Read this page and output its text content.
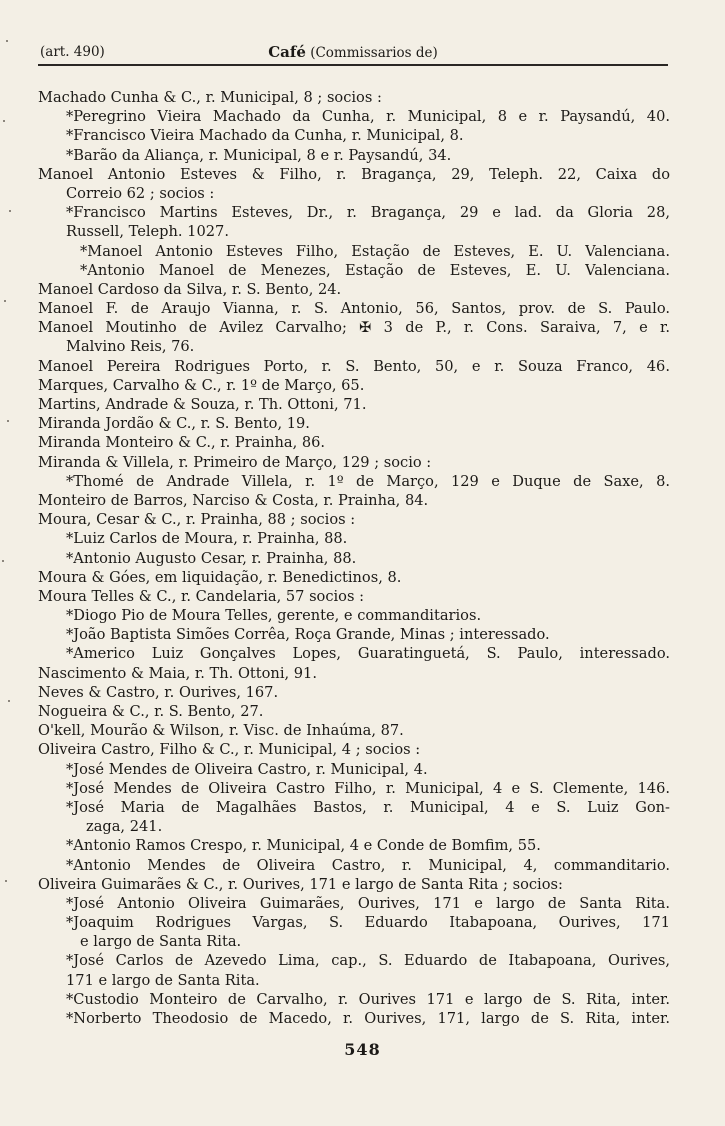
(art. 490)	Café (Commissarios de)
Machado Cunha & C., r. Municipal, 8 ; socios :
*Peregrino Vieira Machado da Cunha, r. Municipal, 8 e r. Paysandú, 40.
*Francisco Vieira Machado da Cunha, r. Municipal, 8.
*Barão da Aliança, r. Municipal, 8 e r. Paysandú, 34.
Manoel Antonio Esteves & Filho, r. Bragança, 29, Teleph. 22, Caixa do
Correio 62 ; socios :
*Francisco Martins Esteves, Dr., r. Bragança, 29 e lad. da Gloria 28,
Russell, Teleph. 1027.
*Manoel Antonio Esteves Filho, Estação de Esteves, E. U. Valenciana.
*Antonio Manoel de Menezes, Estação de Esteves, E. U. Valenciana.
Manoel Cardoso da Silva, r. S. Bento, 24.
Manoel F. de Araujo Vianna, r. S. Antonio, 56, Santos, prov. de S. Paulo.
Manoel Moutinho de Avilez Carvalho; ✠ 3 de P., r. Cons. Saraiva, 7, e r.
Malvino Reis, 76.
Manoel Pereira Rodrigues Porto, r. S. Bento, 50, e r. Souza Franco, 46.
Marques, Carvalho & C., r. 1º de Março, 65.
Martins, Andrade & Souza, r. Th. Ottoni, 71.
Miranda Jordão & C., r. S. Bento, 19.
Miranda Monteiro & C., r. Prainha, 86.
Miranda & Villela, r. Primeiro de Março, 129 ; socio :
*Thomé de Andrade Villela, r. 1º de Março, 129 e Duque de Saxe, 8.
Monteiro de Barros, Narciso & Costa, r. Prainha, 84.
Moura, Cesar & C., r. Prainha, 88 ; socios :
*Luiz Carlos de Moura, r. Prainha, 88.
*Antonio Augusto Cesar, r. Prainha, 88.
Moura & Góes, em liquidação, r. Benedictinos, 8.
Moura Telles & C., r. Candelaria, 57 socios :
*Diogo Pio de Moura Telles, gerente, e commanditarios.
*João Baptista Simões Corrêa, Roça Grande, Minas ; interessado.
*Americo Luiz Gonçalves Lopes, Guaratinguetá, S. Paulo, interessado.
Nascimento & Maia, r. Th. Ottoni, 91.
Neves & Castro, r. Ourives, 167.
Nogueira & C., r. S. Bento, 27.
O'kell, Mourão & Wilson, r. Visc. de Inhaúma, 87.
Oliveira Castro, Filho & C., r. Municipal, 4 ; socios :
*José Mendes de Oliveira Castro, r. Municipal, 4.
*José Mendes de Oliveira Castro Filho, r. Municipal, 4 e S. Clemente, 146.
*José Maria de Magalhães Bastos, r. Municipal, 4 e S. Luiz Gon-
zaga, 241.
*Antonio Ramos Crespo, r. Municipal, 4 e Conde de Bomfim, 55.
*Antonio Mendes de Oliveira Castro, r. Municipal, 4, commanditario.
Oliveira Guimarães & C., r. Ourives, 171 e largo de Santa Rita ; socios:
*José Antonio Oliveira Guimarães, Ourives, 171 e largo de Santa Rita.
*Joaquim Rodrigues Vargas, S. Eduardo Itabapoana, Ourives, 171
e largo de Santa Rita.
*José Carlos de Azevedo Lima, cap., S. Eduardo de Itabapoana, Ourives,
171 e largo de Santa Rita.
*Custodio Monteiro de Carvalho, r. Ourives 171 e largo de S. Rita, inter.
*Norberto Theodosio de Macedo, r. Ourives, 171, largo de S. Rita, inter.
548
